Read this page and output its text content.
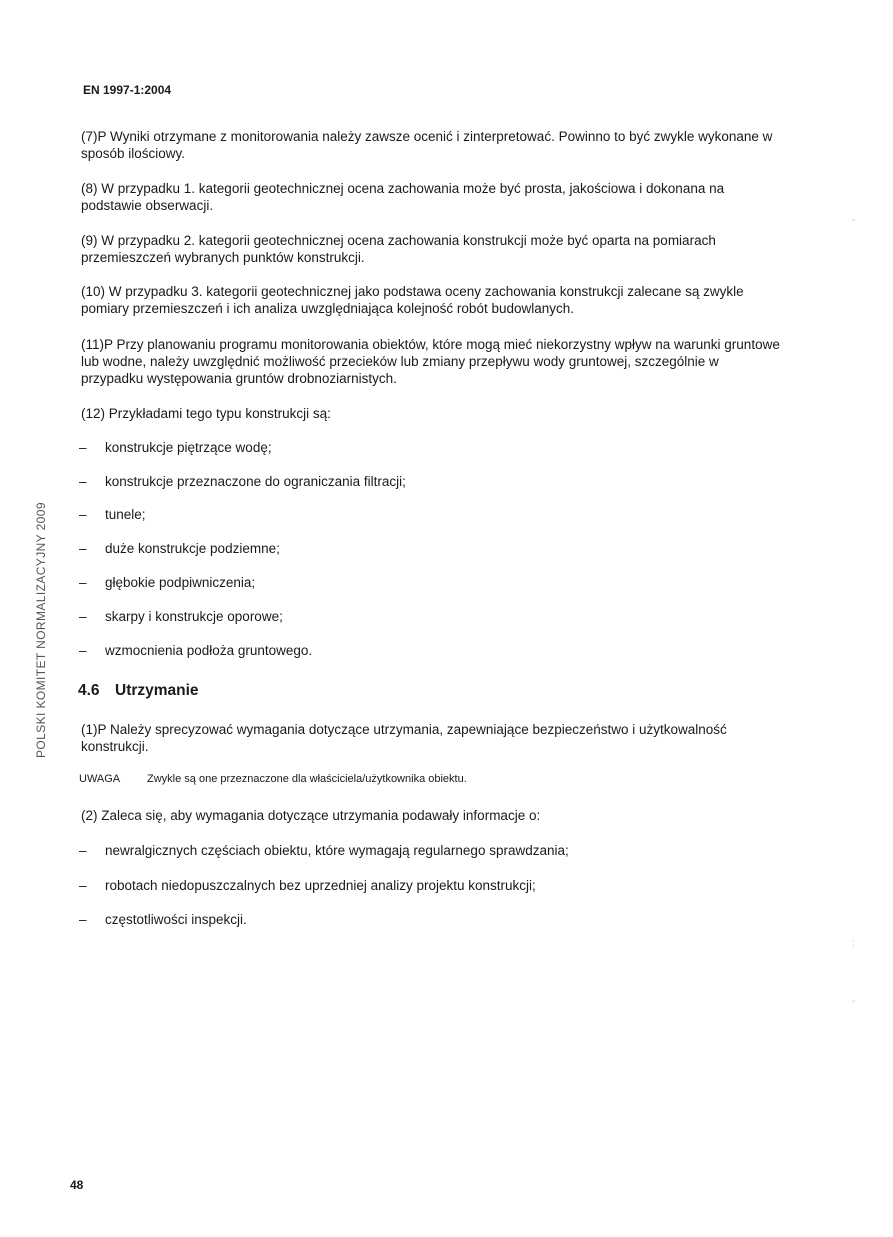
EN 1997-1:2004
POLSKI KOMITET NORMALIZACYJNY 2009
(7)P Wyniki otrzymane z monitorowania należy zawsze ocenić i zinterpretować. Powinno to być zwykle wykonane w sposób ilościowy.
(8) W przypadku 1. kategorii geotechnicznej ocena zachowania może być prosta, jakościowa i dokonana na podstawie obserwacji.
(9) W przypadku 2. kategorii geotechnicznej ocena zachowania konstrukcji może być oparta na pomiarach przemieszczeń wybranych punktów konstrukcji.
(10) W przypadku 3. kategorii geotechnicznej jako podstawa oceny zachowania konstrukcji zalecane są zwykle pomiary przemieszczeń i ich analiza uwzględniająca kolejność robót budowlanych.
(11)P Przy planowaniu programu monitorowania obiektów, które mogą mieć niekorzystny wpływ na warunki gruntowe lub wodne, należy uwzględnić możliwość przecieków lub zmiany przepływu wody gruntowej, szczególnie w przypadku występowania gruntów drobnoziarnistych.
(12) Przykładami tego typu konstrukcji są:
– konstrukcje piętrzące wodę;
– konstrukcje przeznaczone do ograniczania filtracji;
– tunele;
– duże konstrukcje podziemne;
– głębokie podpiwniczenia;
– skarpy i konstrukcje oporowe;
– wzmocnienia podłoża gruntowego.
4.6 Utrzymanie
(1)P Należy sprecyzować wymagania dotyczące utrzymania, zapewniające bezpieczeństwo i użytkowalność konstrukcji.
UWAGA Zwykle są one przeznaczone dla właściciela/użytkownika obiektu.
(2) Zaleca się, aby wymagania dotyczące utrzymania podawały informacje o:
– newralgicznych częściach obiektu, które wymagają regularnego sprawdzania;
– robotach niedopuszczalnych bez uprzedniej analizy projektu konstrukcji;
– częstotliwości inspekcji.
48
-
:
-
